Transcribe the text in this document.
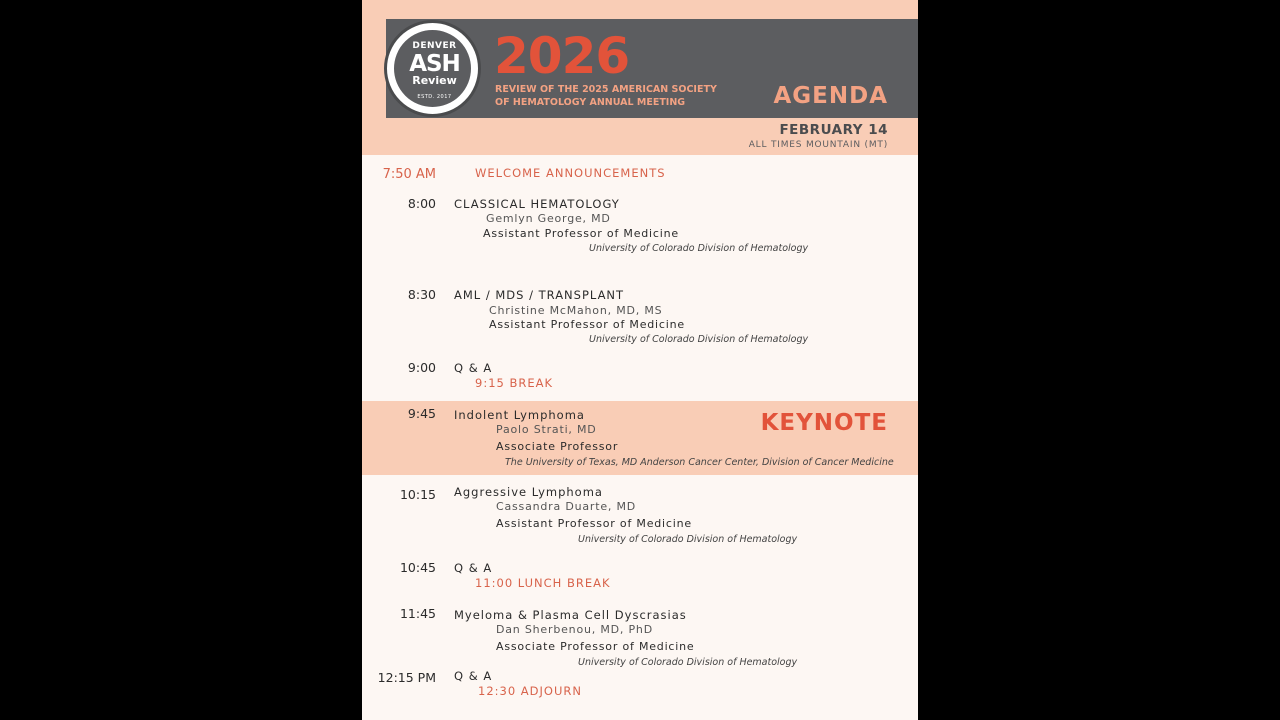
DENVER
ASH
Review
ESTD. 2017
2026
REVIEW OF THE 2025 AMERICAN SOCIETY
OF HEMATOLOGY ANNUAL MEETING	AGENDA
FEBRUARY 14
ALL TIMES MOUNTAIN (MT)
7:50 AM	WELCOME ANNOUNCEMENTS
8:00 CLASSICAL HEMATOLOGY
Gemlyn George, MD
Assistant Professor of Medicine
University of Colorado Division of Hematology
8:30 AML / MDS / TRANSPLANT
Christine McMahon, MD, MS
Assistant Professor of Medicine
University of Colorado Division of Hematology
9:00 Q & A
9:15 BREAK
9:45 Indolent Lymphoma
Paolo Strati, MD
Associate Professor
The University of Texas, MD Anderson Cancer Center, Division of Cancer Medicine
KEYNOTE
10:15 Aggressive Lymphoma
Cassandra Duarte, MD
Assistant Professor of Medicine
University of Colorado Division of Hematology
10:45 Q & A
11:00 LUNCH BREAK
11:45 Myeloma & Plasma Cell Dyscrasias
Dan Sherbenou, MD, PhD
Associate Professor of Medicine
University of Colorado Division of Hematology
12:15 PM Q & A
12:30 ADJOURN
